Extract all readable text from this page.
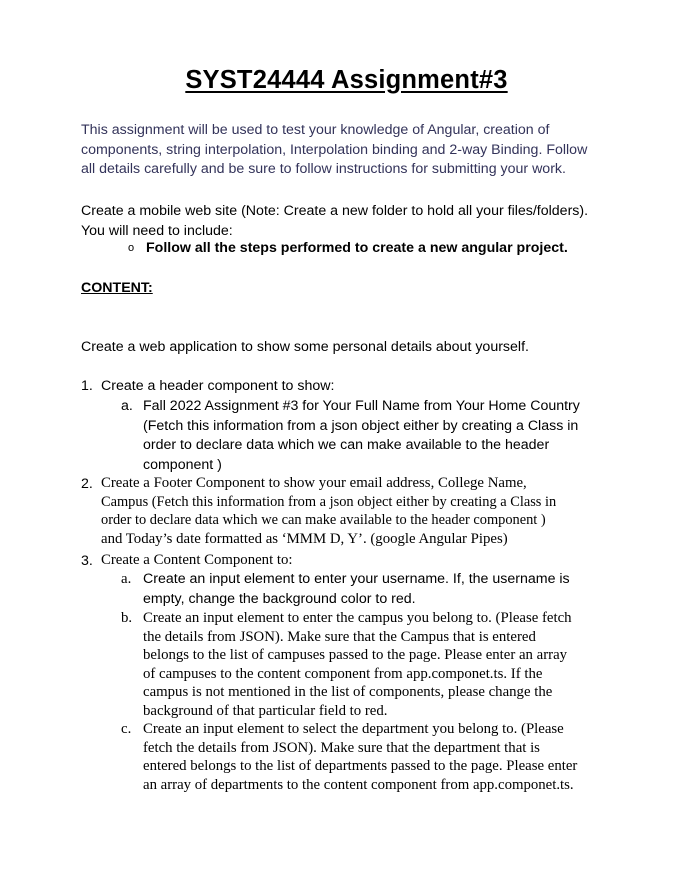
SYST24444 Assignment#3
This assignment will be used to test your knowledge of Angular, creation of
components, string interpolation, Interpolation binding and 2-way Binding. Follow
all details carefully and be sure to follow instructions for submitting your work.
Create a mobile web site (Note: Create a new folder to hold all your files/folders).
You will need to include:
o Follow all the steps performed to create a new angular project.
CONTENT:
Create a web application to show some personal details about yourself.
1. Create a header component to show:
a. Fall 2022 Assignment #3 for Your Full Name from Your Home Country
(Fetch this information from a json object either by creating a Class in
order to declare data which we can make available to the header
component )
2. Create a Footer Component to show your email address, College Name,
Campus (Fetch this information from a json object either by creating a Class in
order to declare data which we can make available to the header component )
and Today’s date formatted as ‘MMM D, Y’. (google Angular Pipes)
3. Create a Content Component to:
a. Create an input element to enter your username. If, the username is
empty, change the background color to red.
b. Create an input element to enter the campus you belong to. (Please fetch
the details from JSON). Make sure that the Campus that is entered
belongs to the list of campuses passed to the page. Please enter an array
of campuses to the content component from app.componet.ts. If the
campus is not mentioned in the list of components, please change the
background of that particular field to red.
c. Create an input element to select the department you belong to. (Please
fetch the details from JSON). Make sure that the department that is
entered belongs to the list of departments passed to the page. Please enter
an array of departments to the content component from app.componet.ts.
